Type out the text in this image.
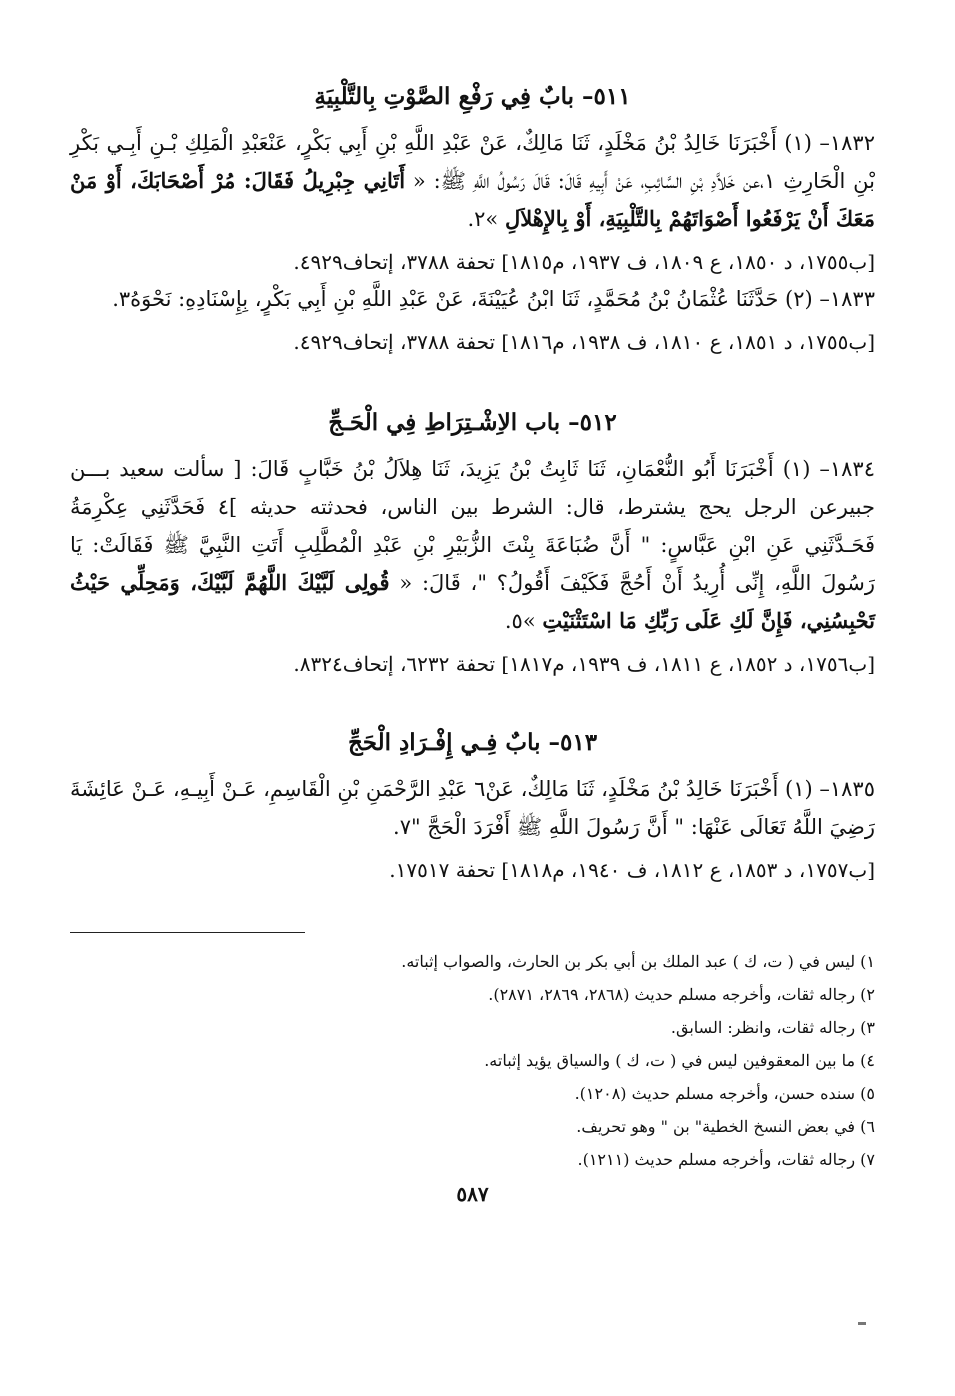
٥١١– بابٌ فِي رَفْعِ الصَّوْتِ بِالتَّلْبِيَةِ

١٨٣٢– (١) أَخْبَرَنَا خَالِدُ بْنُ مَخْلَدٍ، ثَنَا مَالِكٌ، عَنْ عَبْدِ اللَّهِ بْنِ أَبِي بَكْرٍ، عَنْعَبْدِ الْمَلِكِ بْـنِ أَبِـي بَكْرِ بْنِ الْحَارِثِ ١،عن خَلاَّدِ بْنِ السَّائِبِ، عَنْ أَبِيهِ قَالَ: قَالَ رَسُولُ اللَّهِ ﷺ: « أَتَانِي جِبْرِيلُ فَقَالَ: مُرْ أَصْحَابَكَ، أَوْ مَنْ مَعَكَ أَنْ يَرْفَعُوا أَصْوَاتَهُمْ بِالتَّلْبِيَةِ، أَوْ بِالإِهْلاَلِ »٢.

[ب١٧٥٥، د ١٨٥٠، ع ١٨٠٩، ف ١٩٣٧، م١٨١٥] تحفة ٣٧٨٨، إتحاف٤٩٢٩.

١٨٣٣– (٢) حَدَّثَنَا عُثْمَانُ بْنُ مُحَمَّدٍ، ثَنَا ابْنُ عُيَيْنَةَ، عَنْ عَبْدِ اللَّهِ بْنِ أَبِي بَكْرٍ، بِإِسْنَادِهِ: نَحْوَهُ٣.

[ب١٧٥٥، د ١٨٥١، ع ١٨١٠، ف ١٩٣٨، م١٨١٦] تحفة ٣٧٨٨، إتحاف٤٩٢٩.

٥١٢– باب الاِشْـتِرَاطِ فِي الْحَـجِّ

١٨٣٤– (١) أَخْبَرَنَا أَبُو النُّعْمَانِ، ثَنَا ثَابِتُ بْنُ يَزِيدَ، ثَنَا هِلاَلُ بْنُ خَبَّابٍ قَالَ: [ سألت سعيد بـــن جبيرعن الرجل يحج يشترط، قال: الشرط بين الناس، فحدثته حديثه ]٤ فَحَدَّثَنِي عِكْرِمَةُ فَحَـدَّثَنِي عَنِ ابْنِ عَبَّاسٍ: " أَنَّ ضُبَاعَةَ بِنْتَ الزُّبَيْرِ بْنِ عَبْدِ الْمُطَّلِبِ أَتَتِ النَّبِيَّ ﷺ فَقَالَتْ: يَا رَسُولَ اللَّهِ، إِنِّى أُرِيدُ أَنْ أَحُجَّ فَكَيْفَ أَقُولُ؟ "، قَالَ: « قُولِى لَبَّيْكَ اللَّهُمَّ لَبَّيْكَ، وَمَحِلِّي حَيْثُ تَحْبِسُنِي، فَإِنَّ لَكِ عَلَى رَبِّكِ مَا اسْتَثْنَيْتِ »٥.

[ب١٧٥٦، د ١٨٥٢، ع ١٨١١، ف ١٩٣٩، م١٨١٧] تحفة ٦٢٣٢، إتحاف٨٣٢٤.

٥١٣– بابٌ فِـي إِفْـرَادِ الْحَجِّ

١٨٣٥– (١) أَخْبَرَنَا خَالِدُ بْنُ مَخْلَدٍ، ثَنَا مَالِكٌ، عَنْ٦ عَبْدِ الرَّحْمَنِ بْنِ الْقَاسِمِ، عَـنْ أَبِيـهِ، عَـنْ عَائِشَةَ رَضِيَ اللَّهُ تَعَالَى عَنْهَا: " أَنَّ رَسُولَ اللَّهِ ﷺ أَفْرَدَ الْحَجَّ "٧.

[ب١٧٥٧، د ١٨٥٣، ع ١٨١٢، ف ١٩٤٠، م١٨١٨] تحفة ١٧٥١٧.

١) ليس في ( ت، ك ) عبد الملك بن أبي بكر بن الحارث، والصواب إثباته.

٢) رجاله ثقات، وأخرجه مسلم حديث (٢٨٦٨، ٢٨٦٩، ٢٨٧١).

٣) رجاله ثقات، وانظر: السابق.

٤) ما بين المعقوفين ليس في ( ت، ك ) والسياق يؤيد إثباته.

٥) سنده حسن، وأخرجه مسلم حديث (١٢٠٨).

٦) في بعض النسخ الخطية" بن " وهو تحريف.

٧) رجاله ثقات، وأخرجه مسلم حديث (١٢١١).

٥٨٧
